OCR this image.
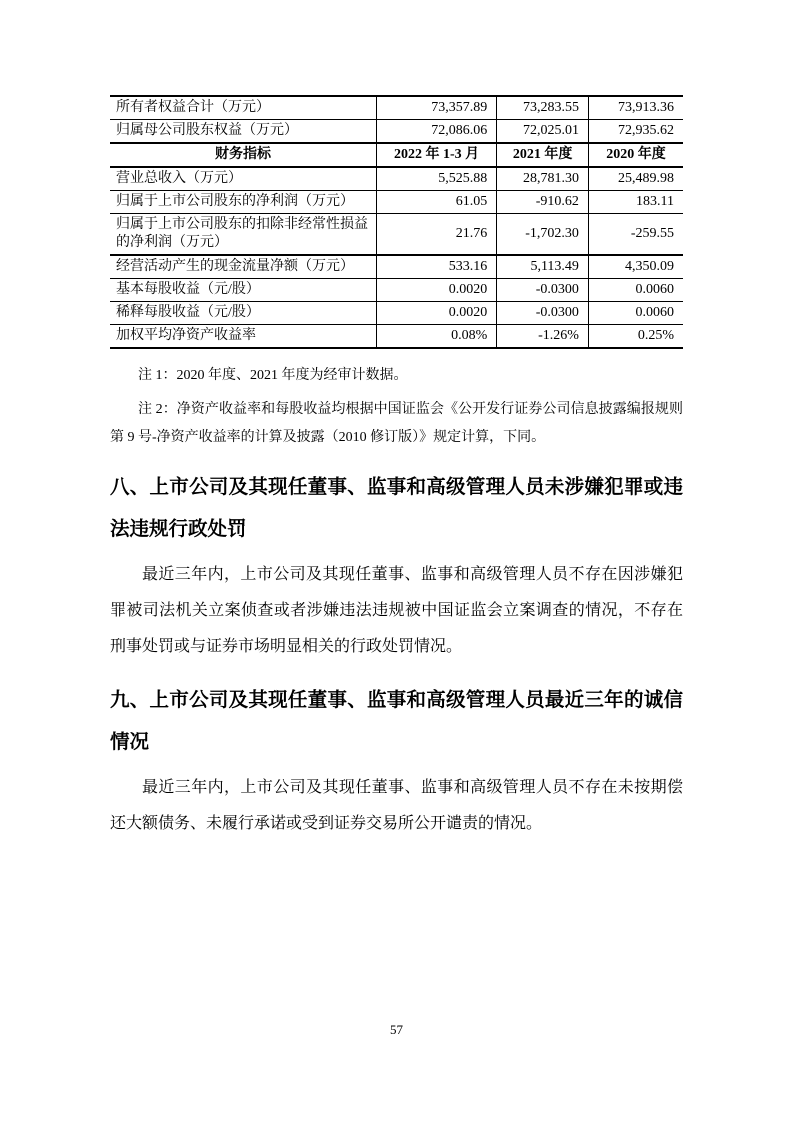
所有者权益合计（万元）	73,357.89	73,283.55	73,913.36
归属母公司股东权益（万元）	72,086.06	72,025.01	72,935.62
财务指标	2022 年 1-3 月	2021 年度	2020 年度
营业总收入（万元）	5,525.88	28,781.30	25,489.98
归属于上市公司股东的净利润（万元）	61.05	-910.62	183.11
归属于上市公司股东的扣除非经常性损益的净利润（万元）	21.76	-1,702.30	-259.55
经营活动产生的现金流量净额（万元）	533.16	5,113.49	4,350.09
基本每股收益（元/股）	0.0020	-0.0300	0.0060
稀释每股收益（元/股）	0.0020	-0.0300	0.0060
加权平均净资产收益率	0.08%	-1.26%	0.25%

注 1：2020 年度、2021 年度为经审计数据。

注 2：净资产收益率和每股收益均根据中国证监会《公开发行证券公司信息披露编报规则第 9 号-净资产收益率的计算及披露（2010 修订版）》规定计算，下同。

八、上市公司及其现任董事、监事和高级管理人员未涉嫌犯罪或违法违规行政处罚

最近三年内，上市公司及其现任董事、监事和高级管理人员不存在因涉嫌犯罪被司法机关立案侦查或者涉嫌违法违规被中国证监会立案调查的情况，不存在刑事处罚或与证券市场明显相关的行政处罚情况。

九、上市公司及其现任董事、监事和高级管理人员最近三年的诚信情况

最近三年内，上市公司及其现任董事、监事和高级管理人员不存在未按期偿还大额债务、未履行承诺或受到证券交易所公开谴责的情况。

57
